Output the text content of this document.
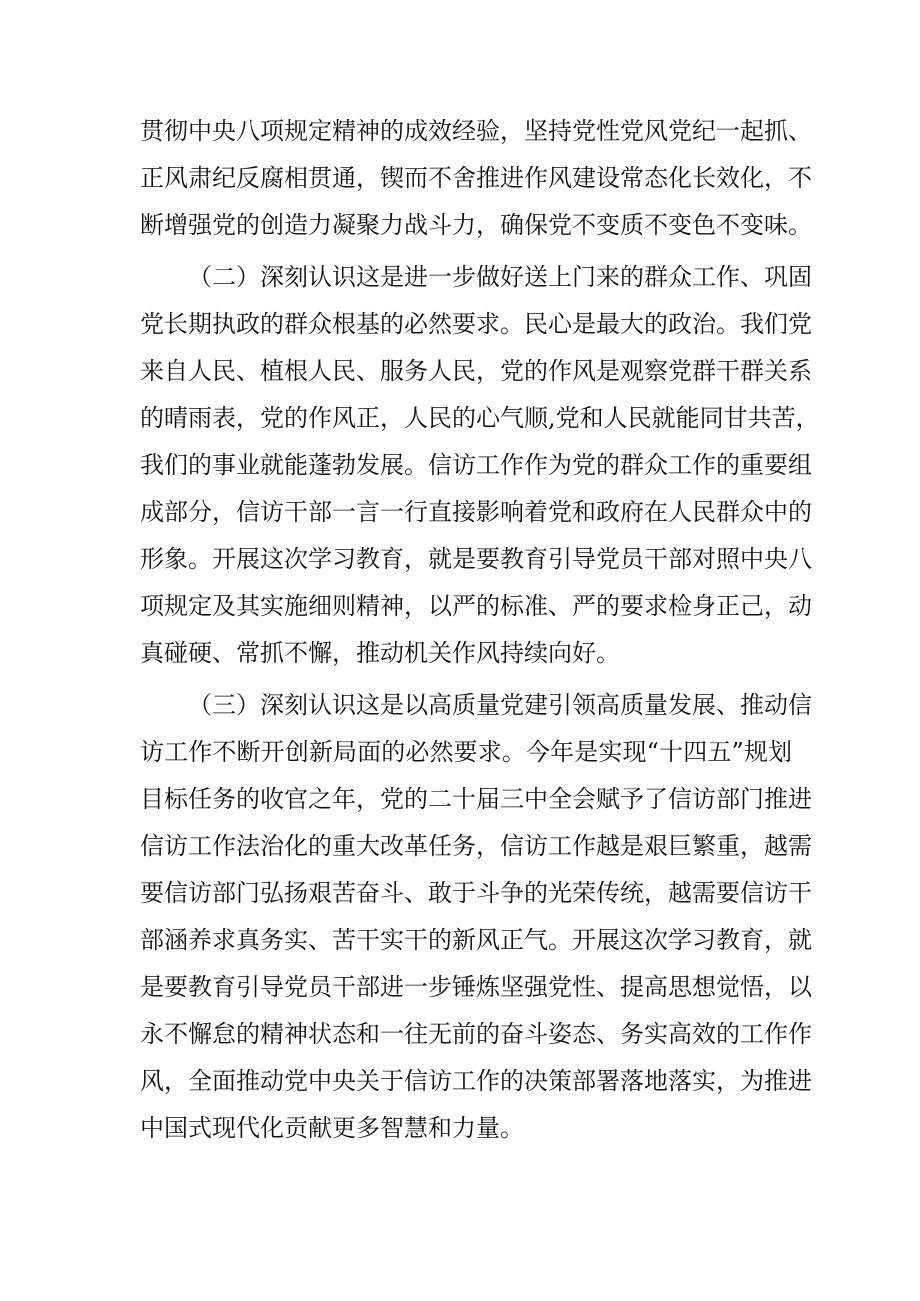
贯彻中央八项规定精神的成效经验，坚持党性党风党纪一起抓、
正风肃纪反腐相贯通，锲而不舍推进作风建设常态化长效化，不
断增强党的创造力凝聚力战斗力，确保党不变质不变色不变味。
（二）深刻认识这是进一步做好送上门来的群众工作、巩固
党长期执政的群众根基的必然要求。民心是最大的政治。我们党
来自人民、植根人民、服务人民，党的作风是观察党群干群关系
的晴雨表，党的作风正，人民的心气顺,党和人民就能同甘共苦，
我们的事业就能蓬勃发展。信访工作作为党的群众工作的重要组
成部分，信访干部一言一行直接影响着党和政府在人民群众中的
形象。开展这次学习教育，就是要教育引导党员干部对照中央八
项规定及其实施细则精神，以严的标准、严的要求检身正己，动
真碰硬、常抓不懈，推动机关作风持续向好。
（三）深刻认识这是以高质量党建引领高质量发展、推动信
访工作不断开创新局面的必然要求。今年是实现“十四五”规划
目标任务的收官之年，党的二十届三中全会赋予了信访部门推进
信访工作法治化的重大改革任务，信访工作越是艰巨繁重，越需
要信访部门弘扬艰苦奋斗、敢于斗争的光荣传统，越需要信访干
部涵养求真务实、苦干实干的新风正气。开展这次学习教育，就
是要教育引导党员干部进一步锤炼坚强党性、提高思想觉悟，以
永不懈怠的精神状态和一往无前的奋斗姿态、务实高效的工作作
风，全面推动党中央关于信访工作的决策部署落地落实，为推进
中国式现代化贡献更多智慧和力量。
